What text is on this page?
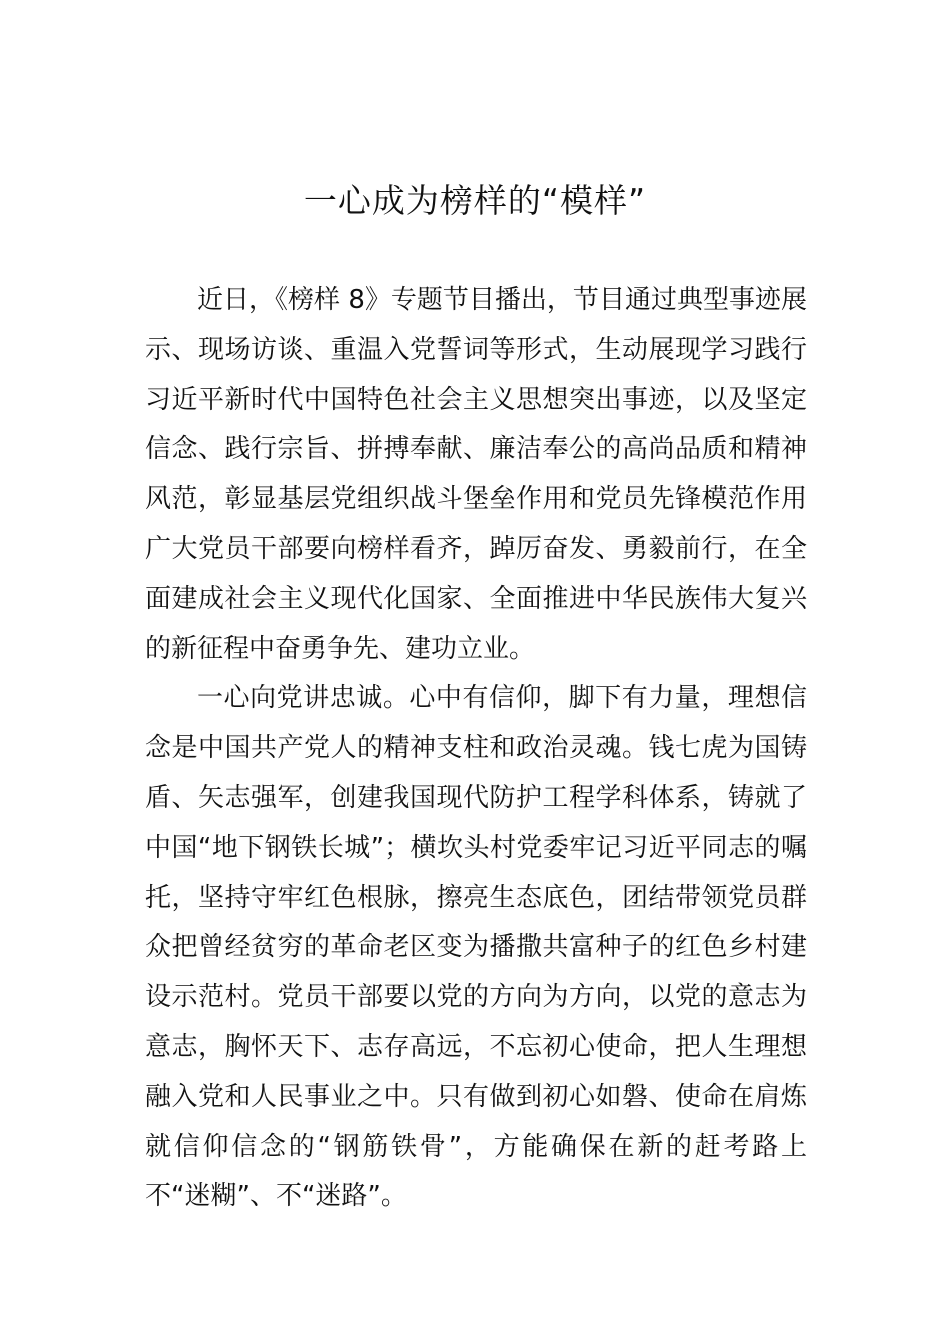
一心成为榜样的“模样”

近日，《榜样 8》专题节目播出，节目通过典型事迹展示、现场访谈、重温入党誓词等形式，生动展现学习践行习近平新时代中国特色社会主义思想突出事迹，以及坚定信念、践行宗旨、拼搏奉献、廉洁奉公的高尚品质和精神风范，彰显基层党组织战斗堡垒作用和党员先锋模范作用广大党员干部要向榜样看齐，踔厉奋发、勇毅前行，在全面建成社会主义现代化国家、全面推进中华民族伟大复兴的新征程中奋勇争先、建功立业。

一心向党讲忠诚。心中有信仰，脚下有力量，理想信念是中国共产党人的精神支柱和政治灵魂。钱七虎为国铸盾、矢志强军，创建我国现代防护工程学科体系，铸就了中国“地下钢铁长城”；横坎头村党委牢记习近平同志的嘱托，坚持守牢红色根脉，擦亮生态底色，团结带领党员群众把曾经贫穷的革命老区变为播撒共富种子的红色乡村建设示范村。党员干部要以党的方向为方向，以党的意志为意志，胸怀天下、志存高远，不忘初心使命，把人生理想融入党和人民事业之中。只有做到初心如磐、使命在肩炼就信仰信念的“钢筋铁骨”，方能确保在新的赶考路上不“迷糊”、不“迷路”。
